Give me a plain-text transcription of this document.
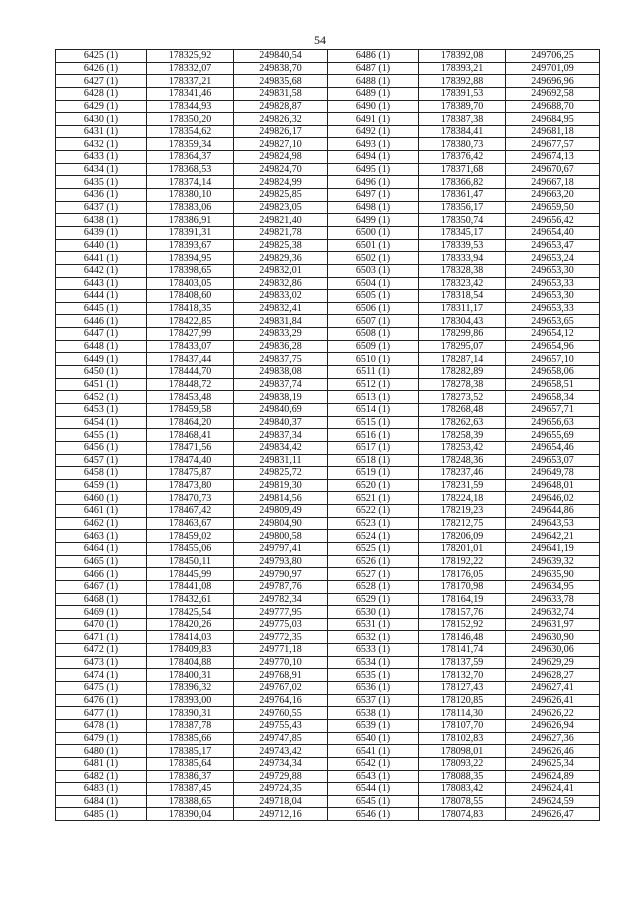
54
6425 (1)	178325,92	249840,54	6486 (1)	178392,08	249706,25
6426 (1)	178332,07	249838,70	6487 (1)	178393,21	249701,09
6427 (1)	178337,21	249835,68	6488 (1)	178392,88	249696,96
6428 (1)	178341,46	249831,58	6489 (1)	178391,53	249692,58
6429 (1)	178344,93	249828,87	6490 (1)	178389,70	249688,70
6430 (1)	178350,20	249826,32	6491 (1)	178387,38	249684,95
6431 (1)	178354,62	249826,17	6492 (1)	178384,41	249681,18
6432 (1)	178359,34	249827,10	6493 (1)	178380,73	249677,57
6433 (1)	178364,37	249824,98	6494 (1)	178376,42	249674,13
6434 (1)	178368,53	249824,70	6495 (1)	178371,68	249670,67
6435 (1)	178374,14	249824,99	6496 (1)	178366,82	249667,18
6436 (1)	178380,10	249825,85	6497 (1)	178361,47	249663,20
6437 (1)	178383,06	249823,05	6498 (1)	178356,17	249659,50
6438 (1)	178386,91	249821,40	6499 (1)	178350,74	249656,42
6439 (1)	178391,31	249821,78	6500 (1)	178345,17	249654,40
6440 (1)	178393,67	249825,38	6501 (1)	178339,53	249653,47
6441 (1)	178394,95	249829,36	6502 (1)	178333,94	249653,24
6442 (1)	178398,65	249832,01	6503 (1)	178328,38	249653,30
6443 (1)	178403,05	249832,86	6504 (1)	178323,42	249653,33
6444 (1)	178408,60	249833,02	6505 (1)	178318,54	249653,30
6445 (1)	178418,35	249832,41	6506 (1)	178311,17	249653,33
6446 (1)	178422,85	249831,84	6507 (1)	178304,43	249653,65
6447 (1)	178427,99	249833,29	6508 (1)	178299,86	249654,12
6448 (1)	178433,07	249836,28	6509 (1)	178295,07	249654,96
6449 (1)	178437,44	249837,75	6510 (1)	178287,14	249657,10
6450 (1)	178444,70	249838,08	6511 (1)	178282,89	249658,06
6451 (1)	178448,72	249837,74	6512 (1)	178278,38	249658,51
6452 (1)	178453,48	249838,19	6513 (1)	178273,52	249658,34
6453 (1)	178459,58	249840,69	6514 (1)	178268,48	249657,71
6454 (1)	178464,20	249840,37	6515 (1)	178262,63	249656,63
6455 (1)	178468,41	249837,34	6516 (1)	178258,39	249655,69
6456 (1)	178471,56	249834,42	6517 (1)	178253,42	249654,46
6457 (1)	178474,40	249831,11	6518 (1)	178248,36	249653,07
6458 (1)	178475,87	249825,72	6519 (1)	178237,46	249649,78
6459 (1)	178473,80	249819,30	6520 (1)	178231,59	249648,01
6460 (1)	178470,73	249814,56	6521 (1)	178224,18	249646,02
6461 (1)	178467,42	249809,49	6522 (1)	178219,23	249644,86
6462 (1)	178463,67	249804,90	6523 (1)	178212,75	249643,53
6463 (1)	178459,02	249800,58	6524 (1)	178206,09	249642,21
6464 (1)	178455,06	249797,41	6525 (1)	178201,01	249641,19
6465 (1)	178450,11	249793,80	6526 (1)	178192,22	249639,32
6466 (1)	178445,99	249790,97	6527 (1)	178176,05	249635,90
6467 (1)	178441,08	249787,76	6528 (1)	178170,98	249634,95
6468 (1)	178432,61	249782,34	6529 (1)	178164,19	249633,78
6469 (1)	178425,54	249777,95	6530 (1)	178157,76	249632,74
6470 (1)	178420,26	249775,03	6531 (1)	178152,92	249631,97
6471 (1)	178414,03	249772,35	6532 (1)	178146,48	249630,90
6472 (1)	178409,83	249771,18	6533 (1)	178141,74	249630,06
6473 (1)	178404,88	249770,10	6534 (1)	178137,59	249629,29
6474 (1)	178400,31	249768,91	6535 (1)	178132,70	249628,27
6475 (1)	178396,32	249767,02	6536 (1)	178127,43	249627,41
6476 (1)	178393,00	249764,16	6537 (1)	178120,85	249626,41
6477 (1)	178390,31	249760,55	6538 (1)	178114,30	249626,22
6478 (1)	178387,78	249755,43	6539 (1)	178107,70	249626,94
6479 (1)	178385,66	249747,85	6540 (1)	178102,83	249627,36
6480 (1)	178385,17	249743,42	6541 (1)	178098,01	249626,46
6481 (1)	178385,64	249734,34	6542 (1)	178093,22	249625,34
6482 (1)	178386,37	249729,88	6543 (1)	178088,35	249624,89
6483 (1)	178387,45	249724,35	6544 (1)	178083,42	249624,41
6484 (1)	178388,65	249718,04	6545 (1)	178078,55	249624,59
6485 (1)	178390,04	249712,16	6546 (1)	178074,83	249626,47
